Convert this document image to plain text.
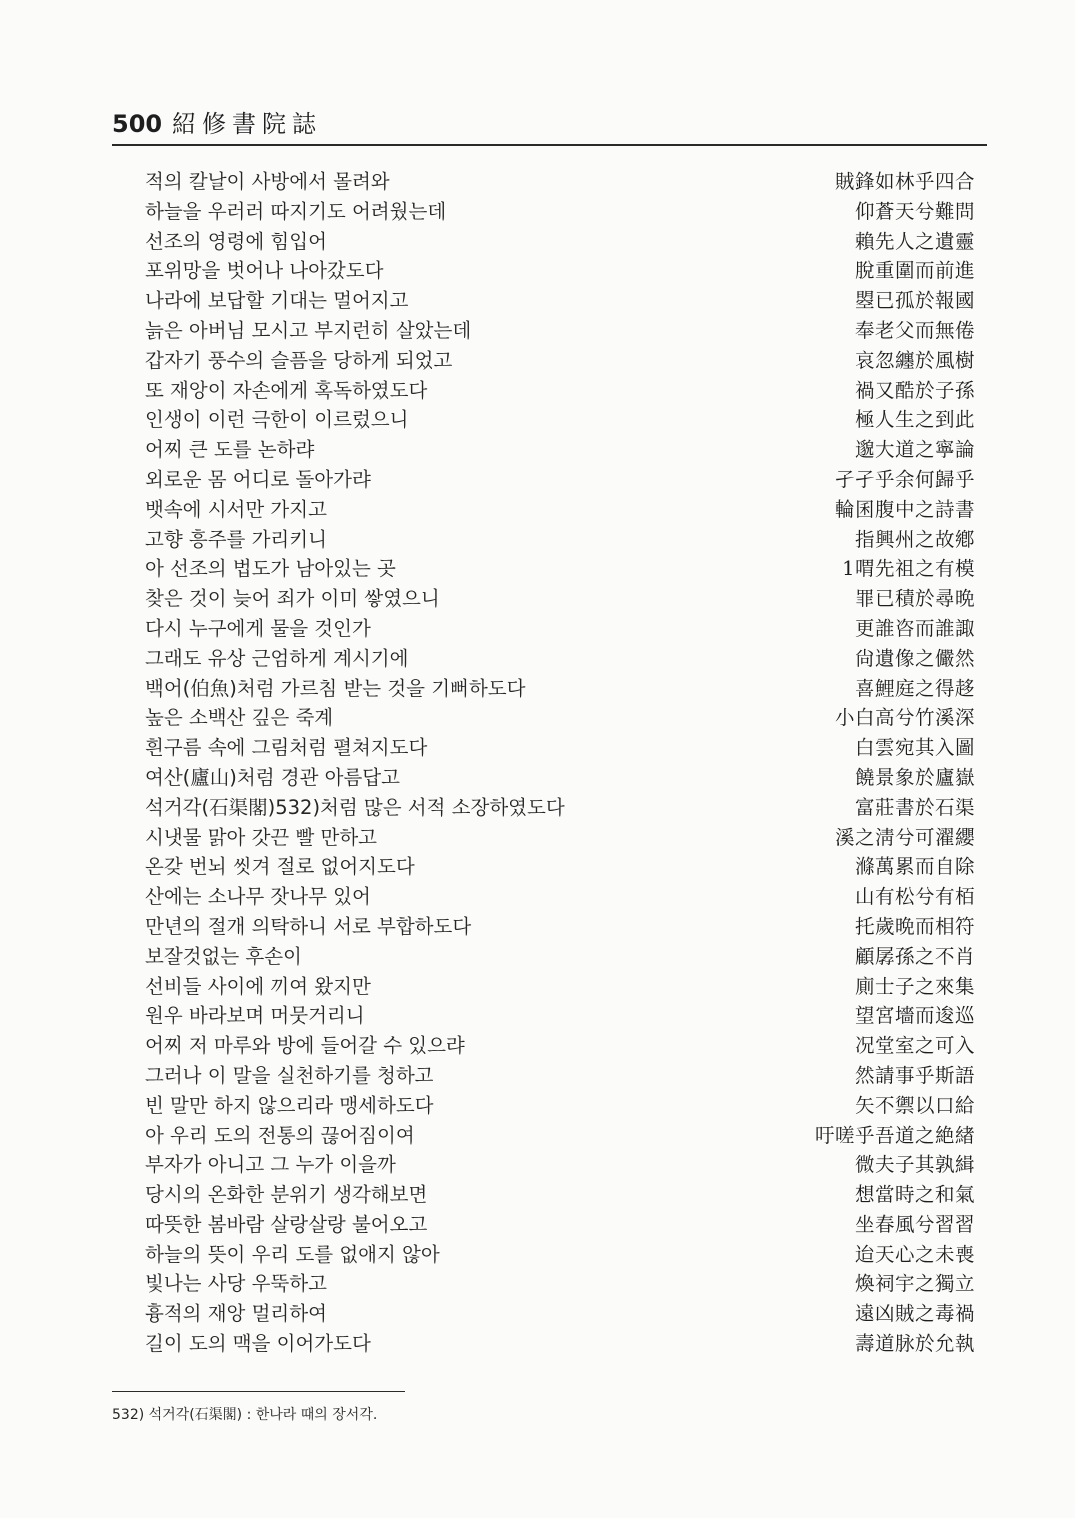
500 紹修書院誌
적의 칼날이 사방에서 몰려와	賊鋒如林乎四合
하늘을 우러러 따지기도 어려웠는데	仰蒼天兮難問
선조의 영령에 힘입어	賴先人之遺靈
포위망을 벗어나 나아갔도다	脫重圍而前進
나라에 보답할 기대는 멀어지고	曌已孤於報國
늙은 아버님 모시고 부지런히 살았는데	奉老父而無倦
갑자기 풍수의 슬픔을 당하게 되었고	哀忽纏於風樹
또 재앙이 자손에게 혹독하였도다	禍又酷於子孫
인생이 이런 극한이 이르렀으니	極人生之到此
어찌 큰 도를 논하랴	邈大道之寧論
외로운 몸 어디로 돌아가랴	孑孑乎余何歸乎
뱃속에 시서만 가지고	輪囷腹中之詩書
고향 흥주를 가리키니	指興州之故鄕
아 선조의 법도가 남아있는 곳	1喟先祖之有模
찾은 것이 늦어 죄가 이미 쌓였으니	罪已積於尋晩
다시 누구에게 물을 것인가	更誰咨而誰諏
그래도 유상 근엄하게 계시기에	尙遺像之儼然
백어(伯魚)처럼 가르침 받는 것을 기뻐하도다	喜鯉庭之得趍
높은 소백산 깊은 죽계	小白高兮竹溪深
흰구름 속에 그림처럼 펼쳐지도다	白雲宛其入圖
여산(廬山)처럼 경관 아름답고	饒景象於廬嶽
석거각(石渠閣)532)처럼 많은 서적 소장하였도다	富莊書於石渠
시냇물 맑아 갓끈 빨 만하고	溪之淸兮可濯纓
온갖 번뇌 씻겨 절로 없어지도다	滌萬累而自除
산에는 소나무 잣나무 있어	山有松兮有栢
만년의 절개 의탁하니 서로 부합하도다	托歲晩而相符
보잘것없는 후손이	顧孱孫之不肖
선비들 사이에 끼여 왔지만	廁士子之來集
원우 바라보며 머뭇거리니	望宮墻而逡巡
어찌 저 마루와 방에 들어갈 수 있으랴	况堂室之可入
그러나 이 말을 실천하기를 청하고	然請事乎斯語
빈 말만 하지 않으리라 맹세하도다	矢不禦以口給
아 우리 도의 전통의 끊어짐이여	吁嗟乎吾道之絶緖
부자가 아니고 그 누가 이을까	微夫子其孰緝
당시의 온화한 분위기 생각해보면	想當時之和氣
따뜻한 봄바람 살랑살랑 불어오고	坐春風兮習習
하늘의 뜻이 우리 도를 없애지 않아	迨天心之未喪
빛나는 사당 우뚝하고	煥祠宇之獨立
흉적의 재앙 멀리하여	遠凶賊之毒禍
길이 도의 맥을 이어가도다	壽道脉於允執
532) 석거각(石渠閣) : 한나라 때의 장서각.
